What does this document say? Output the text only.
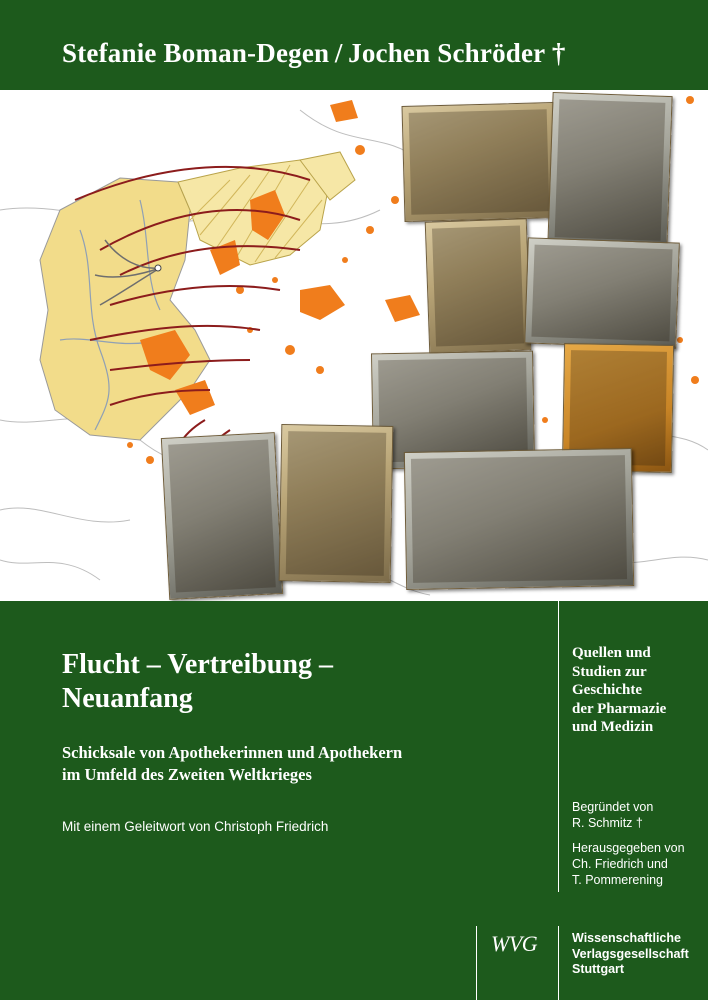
Stefanie Boman-Degen / Jochen Schröder †
Flucht – Vertreibung –
Neuanfang
Schicksale von Apothekerinnen und Apothekern
im Umfeld des Zweiten Weltkrieges
Mit einem Geleitwort von Christoph Friedrich
Quellen und
Studien zur
Geschichte
der Pharmazie
und Medizin
Begründet von
R. Schmitz †
Herausgegeben von
Ch. Friedrich und
T. Pommerening
WVG	Wissenschaftliche
Verlagsgesellschaft
Stuttgart
